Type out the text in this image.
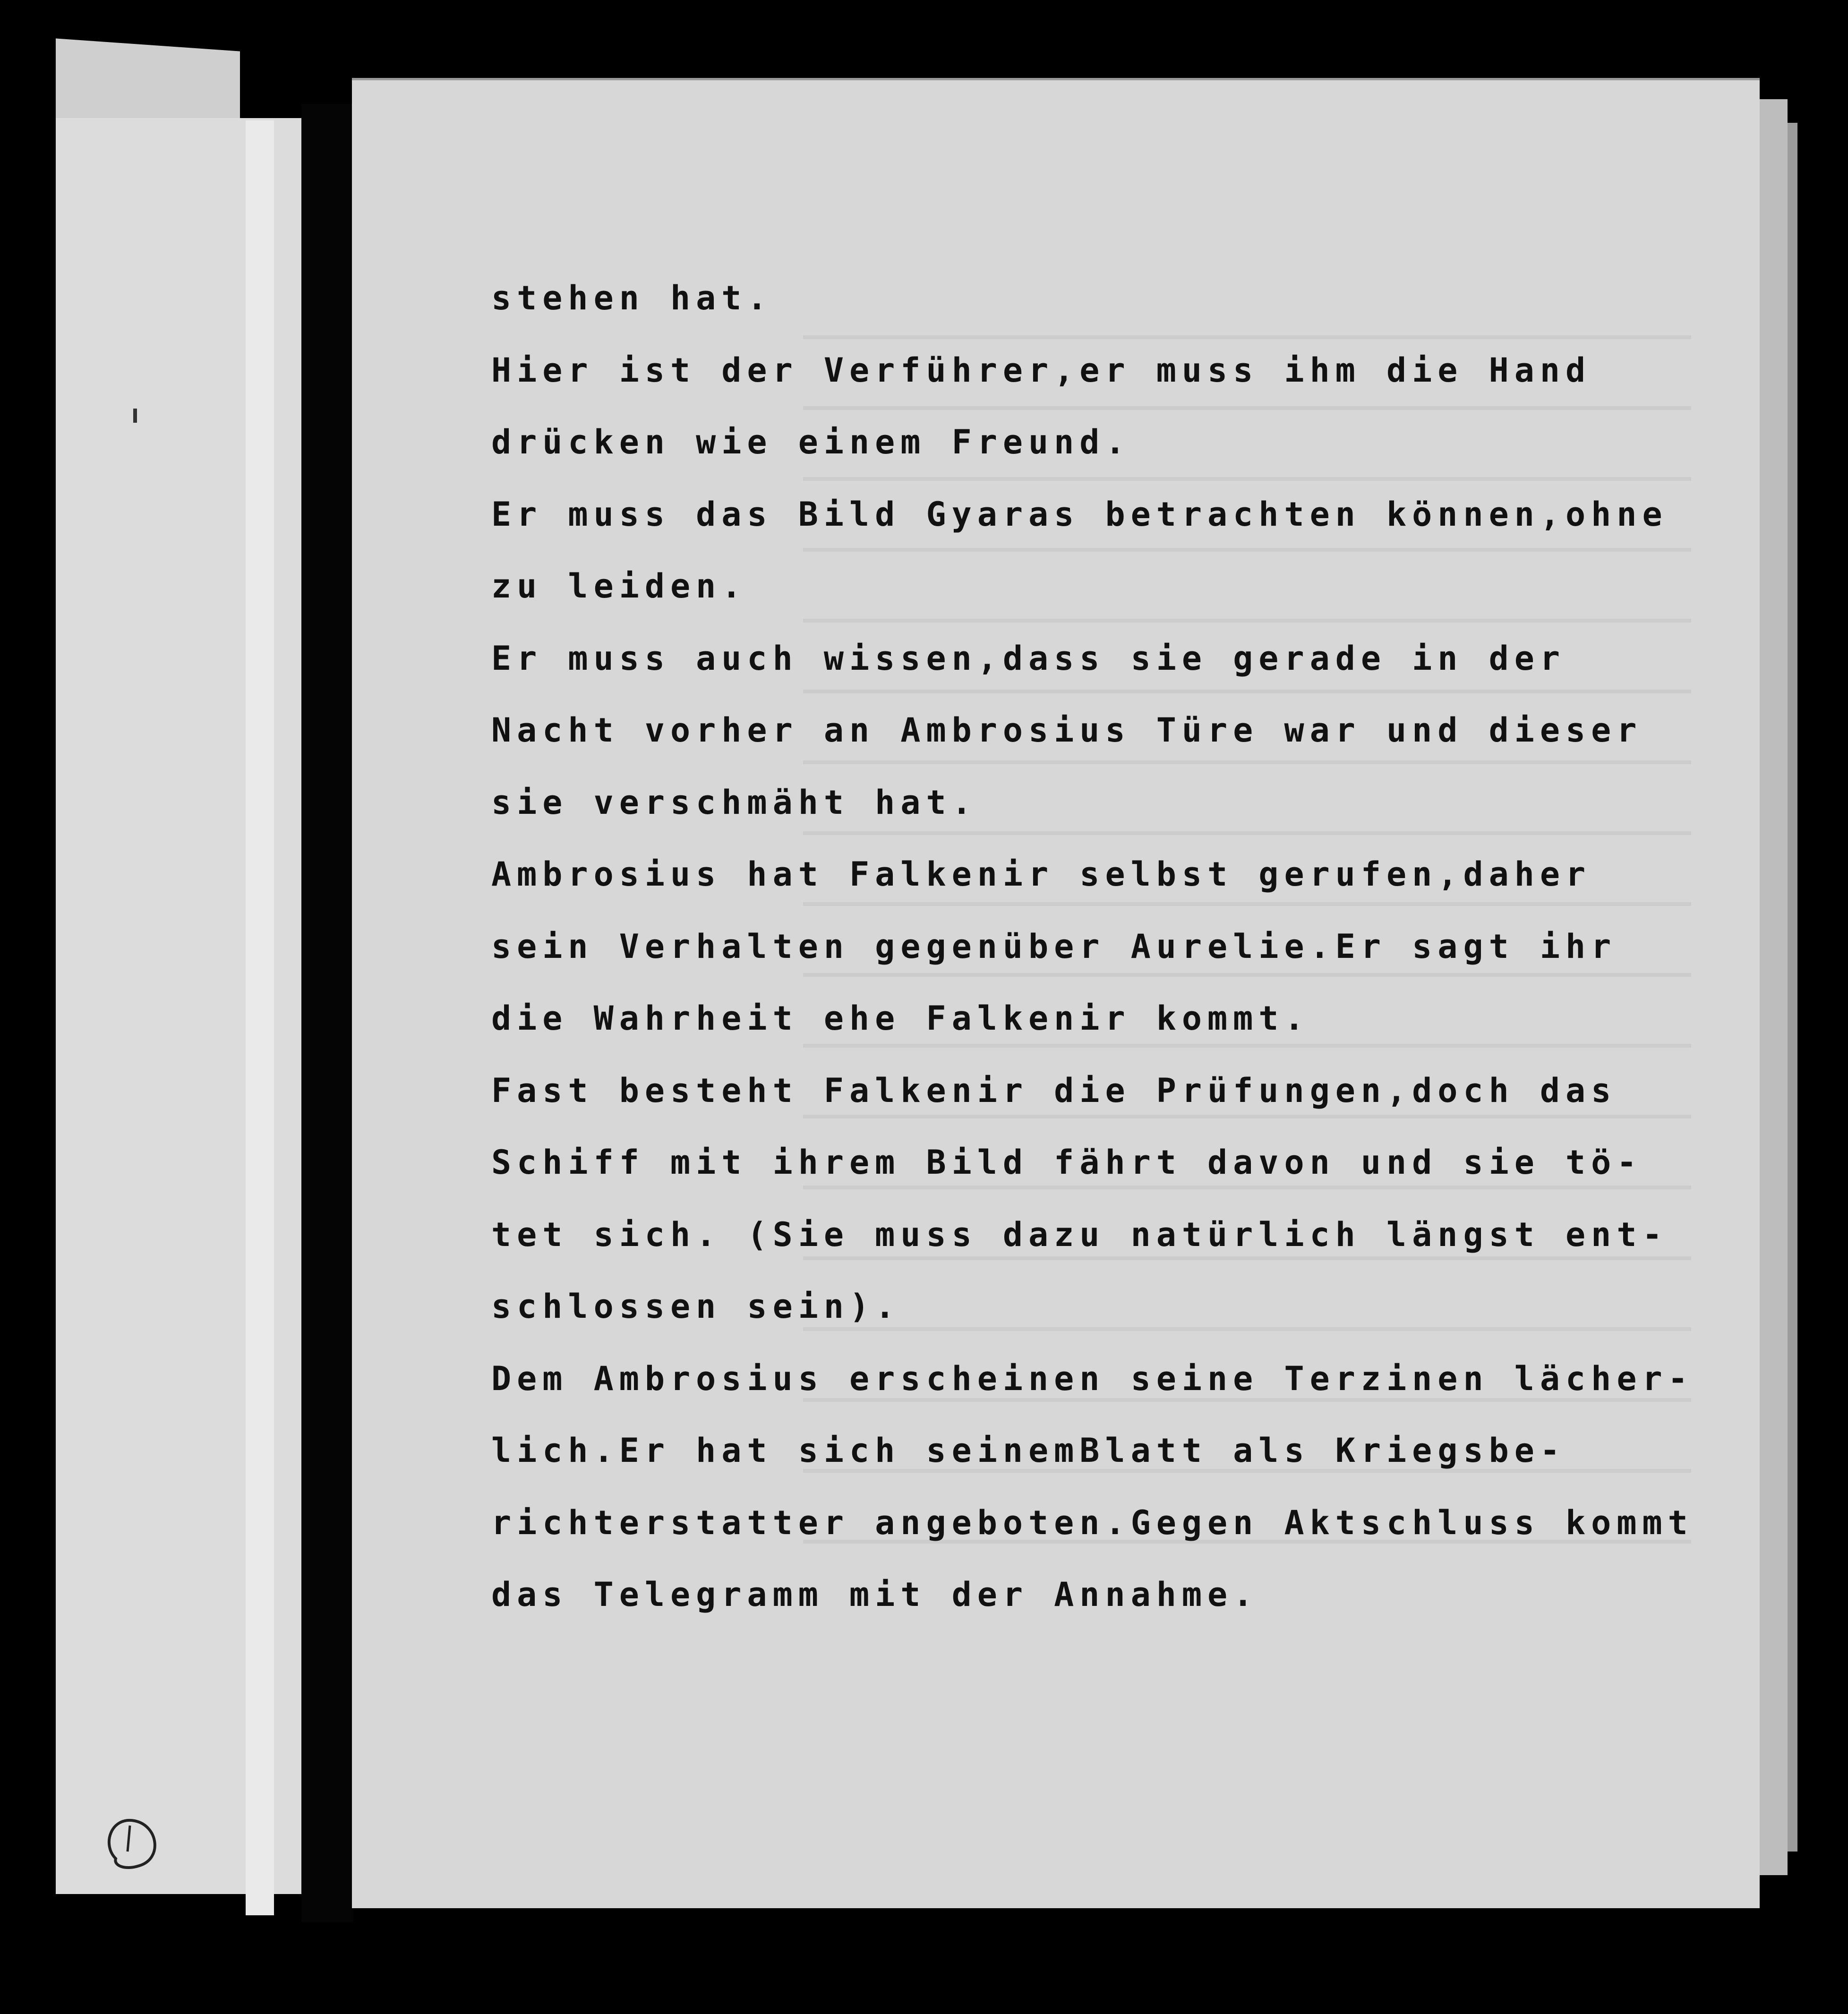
stehen hat.
Hier ist der Verführer,er muss ihm die Hand
drücken wie einem Freund.
Er muss das Bild Gyaras betrachten können,ohne
zu leiden.
Er muss auch wissen,dass sie gerade in der
Nacht vorher an Ambrosius Türe war und dieser
sie verschmäht hat.
Ambrosius hat Falkenir selbst gerufen,daher
sein Verhalten gegenüber Aurelie.Er sagt ihr
die Wahrheit ehe Falkenir kommt.
Fast besteht Falkenir die Prüfungen,doch das
Schiff mit ihrem Bild fährt davon und sie tö-
tet sich. (Sie muss dazu natürlich längst ent-
schlossen sein).
Dem Ambrosius erscheinen seine Terzinen lächer-
lich.Er hat sich seinemBlatt als Kriegsbe-
richterstatter angeboten.Gegen Aktschluss kommt
das Telegramm mit der Annahme.
